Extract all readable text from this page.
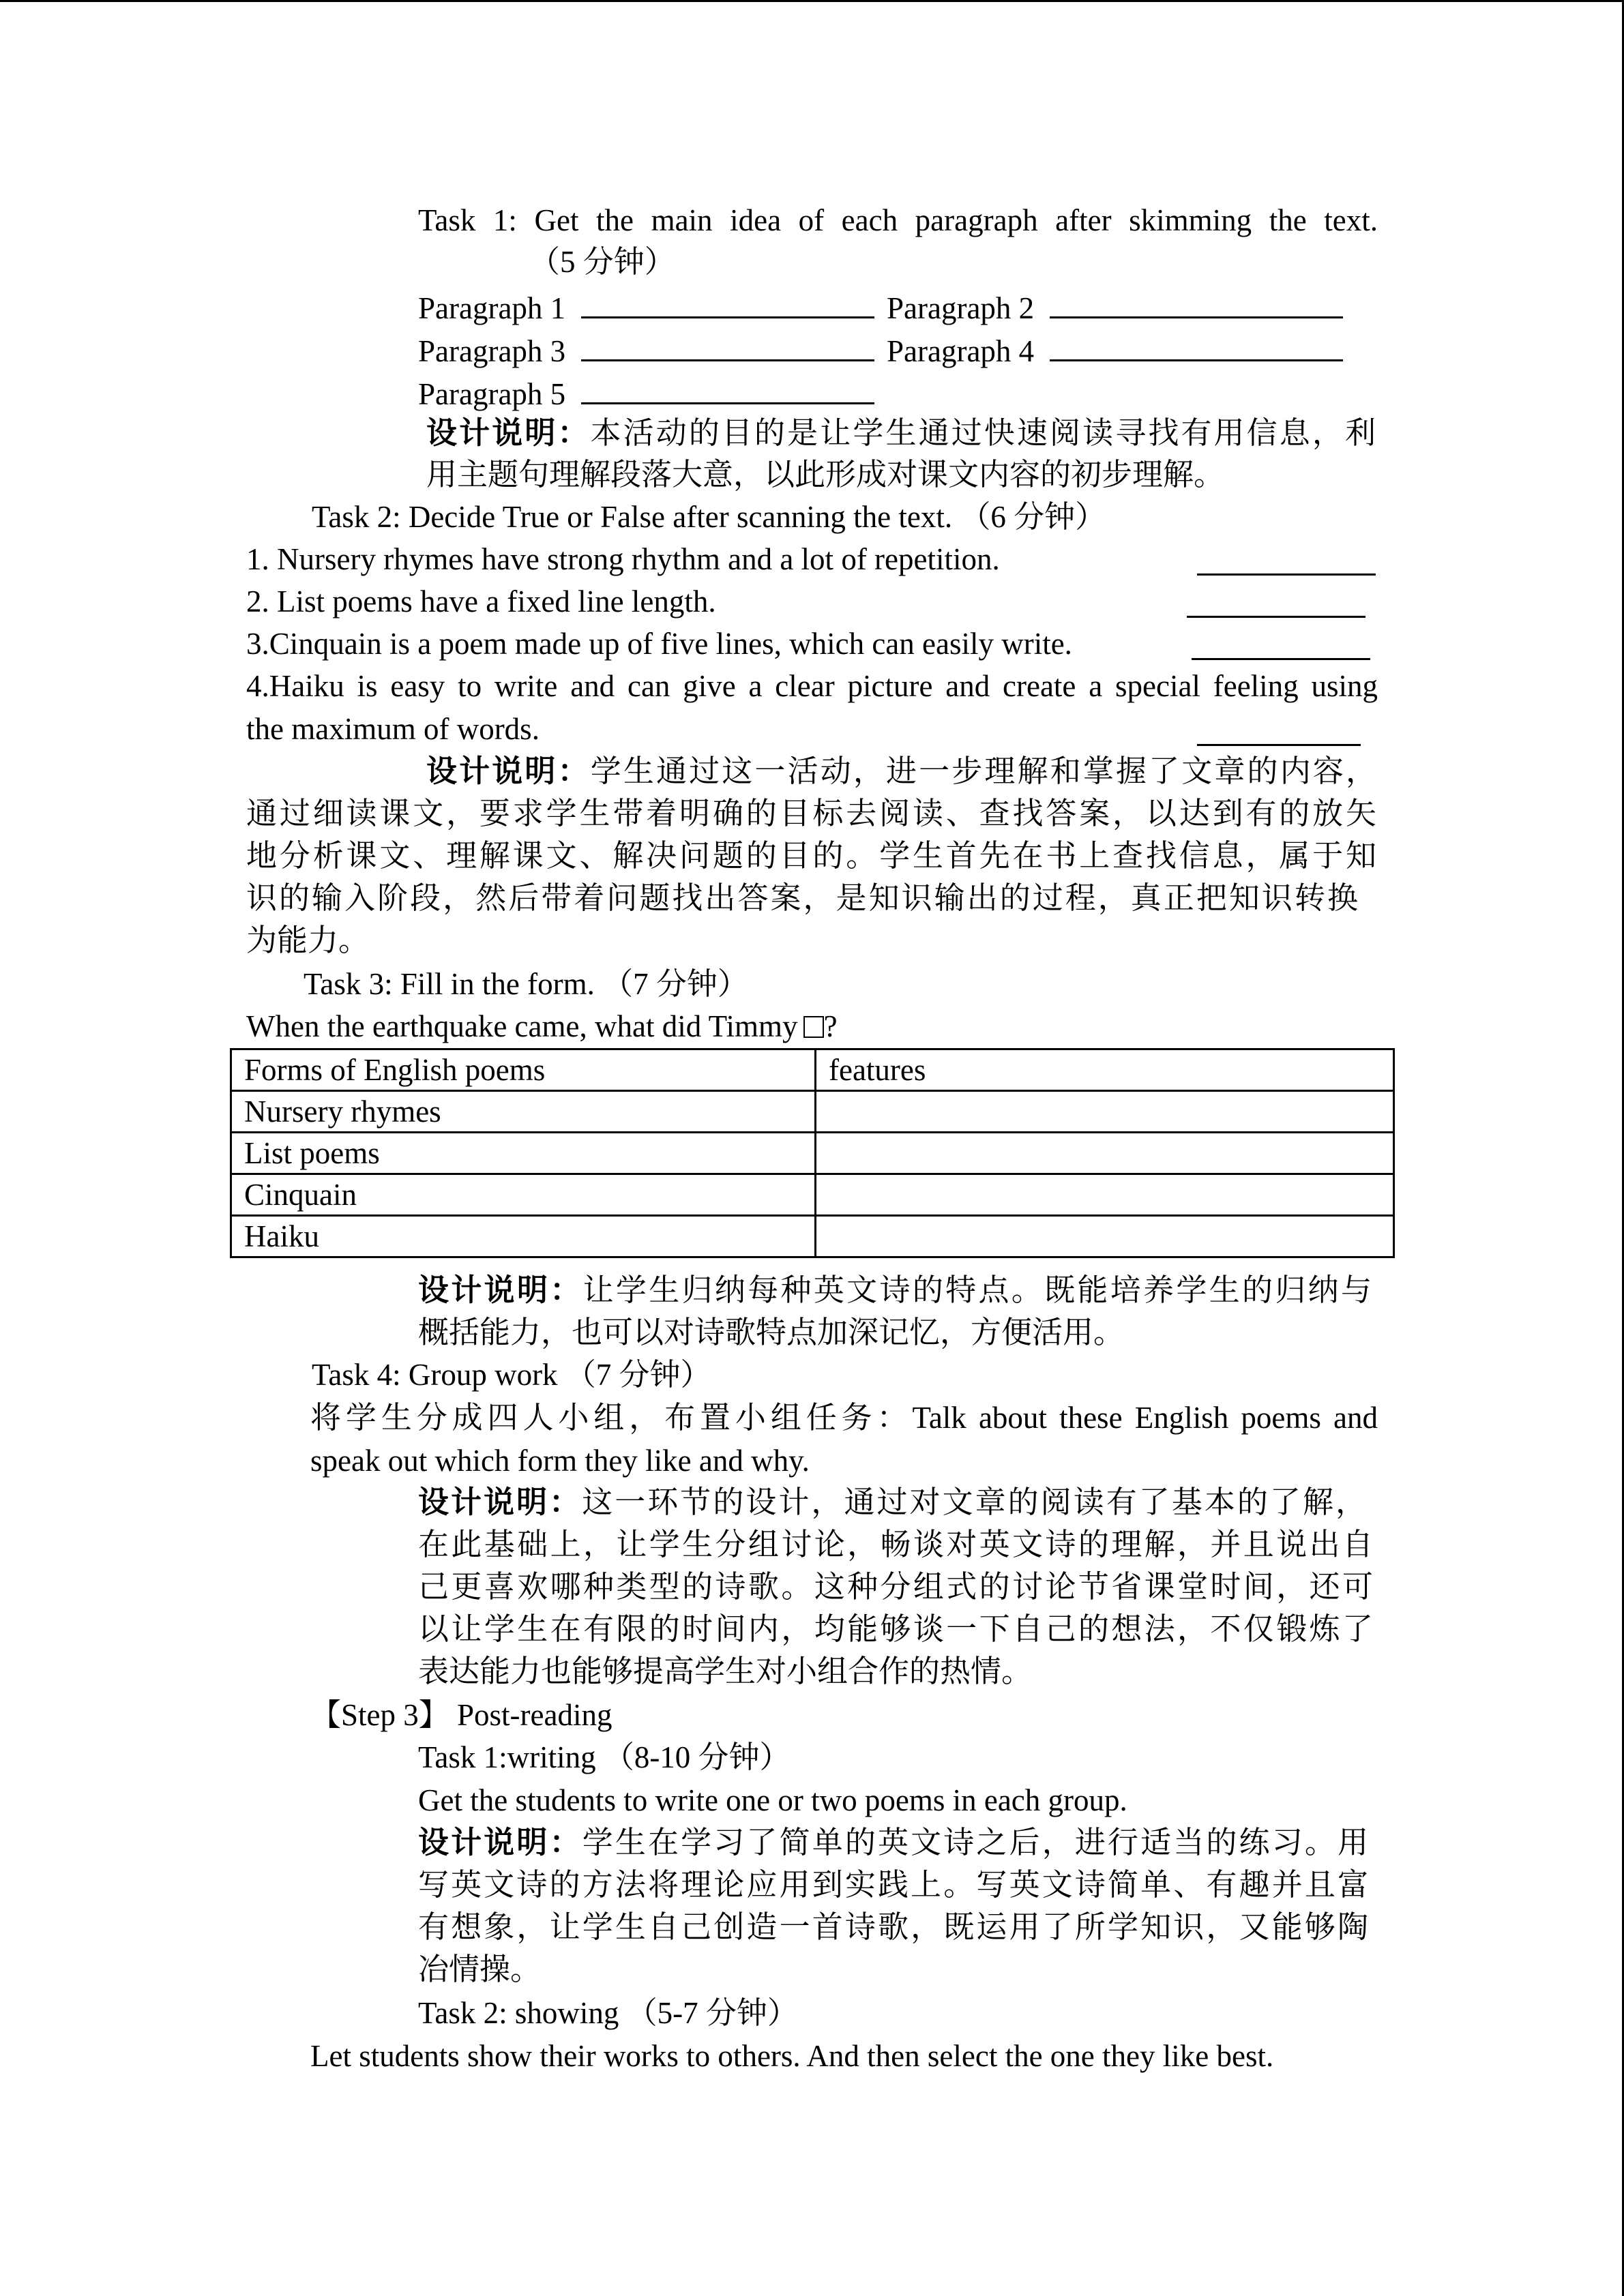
Task 1: Get the main idea of each paragraph after skimming the text.
（5 分钟）
Paragraph 1	Paragraph 2
Paragraph 3	Paragraph 4
Paragraph 5
设计说明：本活动的目的是让学生通过快速阅读寻找有用信息，利
用主题句理解段落大意，以此形成对课文内容的初步理解。
Task 2: Decide True or False after scanning the text. （6 分钟）
1. Nursery rhymes have strong rhythm and a lot of repetition.
2. List poems have a fixed line length.
3.Cinquain is a poem made up of five lines, which can easily write.
4.Haiku is easy to write and can give a clear picture and create a special feeling using
the maximum of words.
设计说明：学生通过这一活动，进一步理解和掌握了文章的内容，
通过细读课文，要求学生带着明确的目标去阅读、查找答案，以达到有的放矢
地分析课文、理解课文、解决问题的目的。学生首先在书上查找信息，属于知
识的输入阶段，然后带着问题找出答案，是知识输出的过程，真正把知识转换
为能力。
Task 3: Fill in the form. （7 分钟）
When the earthquake came, what did Timmy ?
Forms of English poems	features
Nursery rhymes	
List poems	
Cinquain	
Haiku	
设计说明：让学生归纳每种英文诗的特点。既能培养学生的归纳与
概括能力，也可以对诗歌特点加深记忆，方便活用。
Task 4: Group work （7 分钟）
将学生分成四人小组，布置小组任务：Talk about these English poems and
speak out which form they like and why.
设计说明：这一环节的设计，通过对文章的阅读有了基本的了解，
在此基础上，让学生分组讨论，畅谈对英文诗的理解，并且说出自
己更喜欢哪种类型的诗歌。这种分组式的讨论节省课堂时间，还可
以让学生在有限的时间内，均能够谈一下自己的想法，不仅锻炼了
表达能力也能够提高学生对小组合作的热情。
【Step 3】 Post-reading
Task 1:writing （8-10 分钟）
Get the students to write one or two poems in each group.
设计说明：学生在学习了简单的英文诗之后，进行适当的练习。用
写英文诗的方法将理论应用到实践上。写英文诗简单、有趣并且富
有想象，让学生自己创造一首诗歌，既运用了所学知识，又能够陶
冶情操。
Task 2: showing （5-7 分钟）
Let students show their works to others. And then select the one they like best.
